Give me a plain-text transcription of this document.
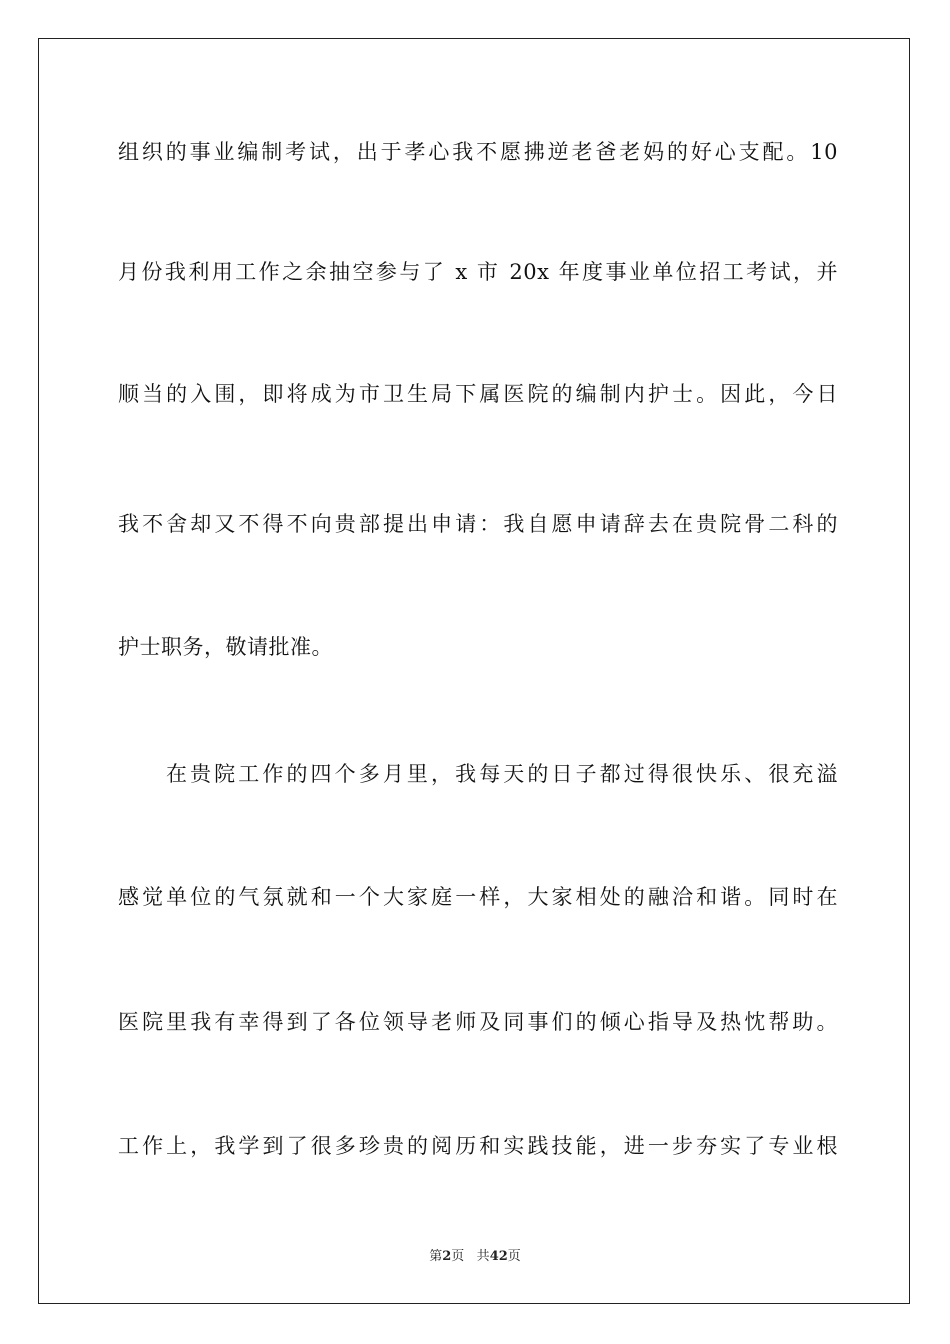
组织的事业编制考试，出于孝心我不愿拂逆老爸老妈的好心支配。10
月份我利用工作之余抽空参与了 x 市 20x 年度事业单位招工考试，并
顺当的入围，即将成为市卫生局下属医院的编制内护士。因此，今日
我不舍却又不得不向贵部提出申请：我自愿申请辞去在贵院骨二科的
护士职务，敬请批准。
在贵院工作的四个多月里，我每天的日子都过得很快乐、很充溢
感觉单位的气氛就和一个大家庭一样，大家相处的融洽和谐。同时在
医院里我有幸得到了各位领导老师及同事们的倾心指导及热忱帮助。
工作上，我学到了很多珍贵的阅历和实践技能，进一步夯实了专业根
第2页 共42页
